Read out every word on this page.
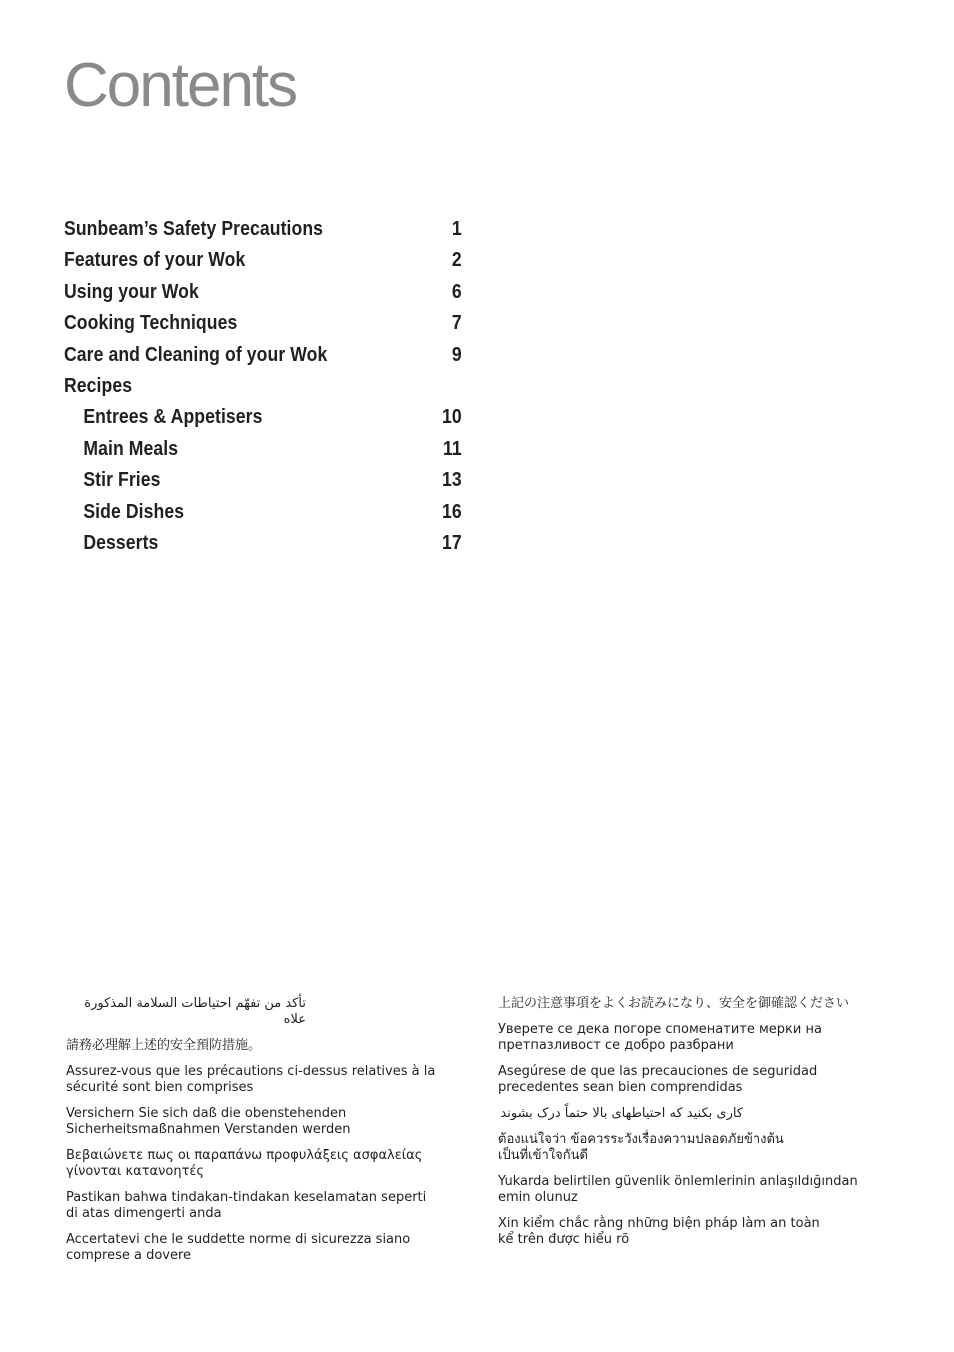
Contents
Sunbeam’s Safety Precautions	1
Features of your Wok	2
Using your Wok	6
Cooking Techniques	7
Care and Cleaning of your Wok	9
Recipes
Entrees & Appetisers	10
Main Meals	11
Stir Fries	13
Side Dishes	16
Desserts	17

تأكد من تفهّم احتياطات السلامة المذكورة علاه

請務必理解上述的安全預防措施。

Assurez-vous que les précautions ci-dessus relatives à la
sécurité sont bien comprises

Versichern Sie sich daß die obenstehenden
Sicherheitsmaßnahmen Verstanden werden

Βεβαιώνετε πως οι παραπάνω προφυλάξεις ασφαλείας
γίνονται κατανοητές

Pastikan bahwa tindakan-tindakan keselamatan seperti
di atas dimengerti anda

Accertatevi che le suddette norme di sicurezza siano
comprese a dovere

上記の注意事項をよくお読みになり、安全を御確認ください

Уверете се дека погоре споменатите мерки на
претпазливост се добро разбрани

Asegúrese de que las precauciones de seguridad
precedentes sean bien comprendidas

کاری بکنید که احتیاطهای بالا حتماً درک بشوند

ต้องแน่ใจว่า ข้อควรระวังเรื่องความปลอดภัยข้างต้น
เป็นที่เข้าใจกันดี

Yukarda belirtilen güvenlik önlemlerinin anlaşıldığından
emin olunuz

Xin kiểm chắc rằng những biện pháp làm an toàn
kể trên được hiểu rõ
